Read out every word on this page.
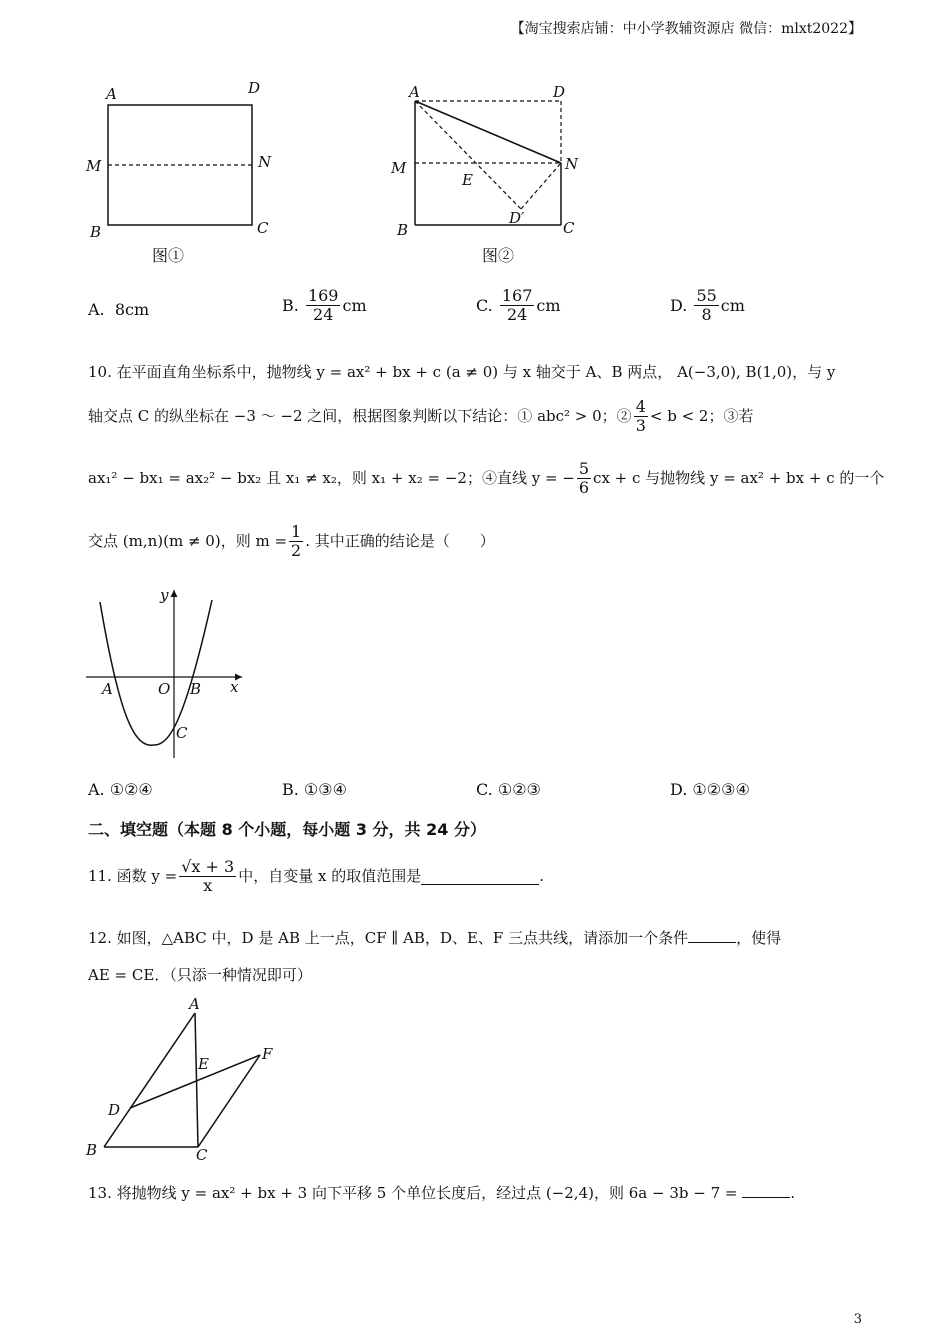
【淘宝搜索店铺：中小学教辅资源店 微信：mlxt2022】
A	D
M	N
B	C
图①
A	D
M	N
E
D′
B	C
图②
A. 8cm	B.
$\frac{169}{24}$ cm	C.
$\frac{167}{24}$ cm	D.
$\frac{55}{8}$ cm
10. 在平面直角坐标系中，抛物线 y = ax² + bx + c (a ≠ 0) 与 x 轴交于 A、B 两点， A(−3,0), B(1,0)，与 y
轴交点 C 的纵坐标在 −3 ～ −2 之间，根据图象判断以下结论：① abc² > 0；② $\frac{4}{3} < b < 2$；③若
ax₁² − bx₁ = ax₂² − bx₂ 且 x₁ ≠ x₂，则 x₁ + x₂ = −2；④直线 y = − $\frac{5}{6}$ cx + c 与抛物线 y = ax² + bx + c 的一个
交点 (m,n)(m ≠ 0)，则 $m = \frac{1}{2}$ . 其中正确的结论是（　　）
y
x
A	O B
C
A. ①②④	B. ①③④	C. ①②③	D. ①②③④
二、填空题（本题 8 个小题，每小题 3 分，共 24 分）
11.
函数 $y = \frac{√x + 3}{x}$ 中，自变量 x 的取值范围是	.
12. 如图，△ABC 中，D 是 AB 上一点，CF ∥ AB，D、E、F 三点共线，请添加一个条件	，使得
AE = CE．（只添一种情况即可）
A
E
F
D
B	C
13. 将抛物线 y = ax² + bx + 3 向下平移 5 个单位长度后，经过点 (−2,4)，则 6a − 3b − 7 =	.
3
